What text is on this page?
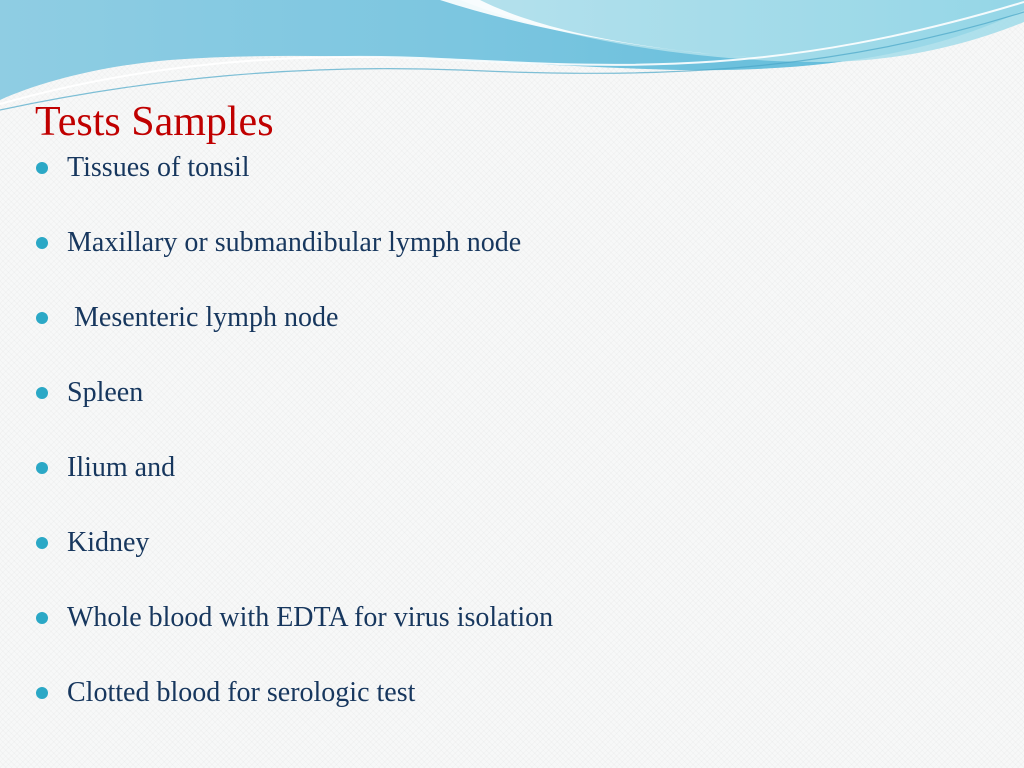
Tests Samples
Tissues of tonsil
Maxillary or submandibular lymph node
Mesenteric lymph node
Spleen
Ilium and
Kidney
Whole blood with EDTA for virus isolation
Clotted blood for serologic test
